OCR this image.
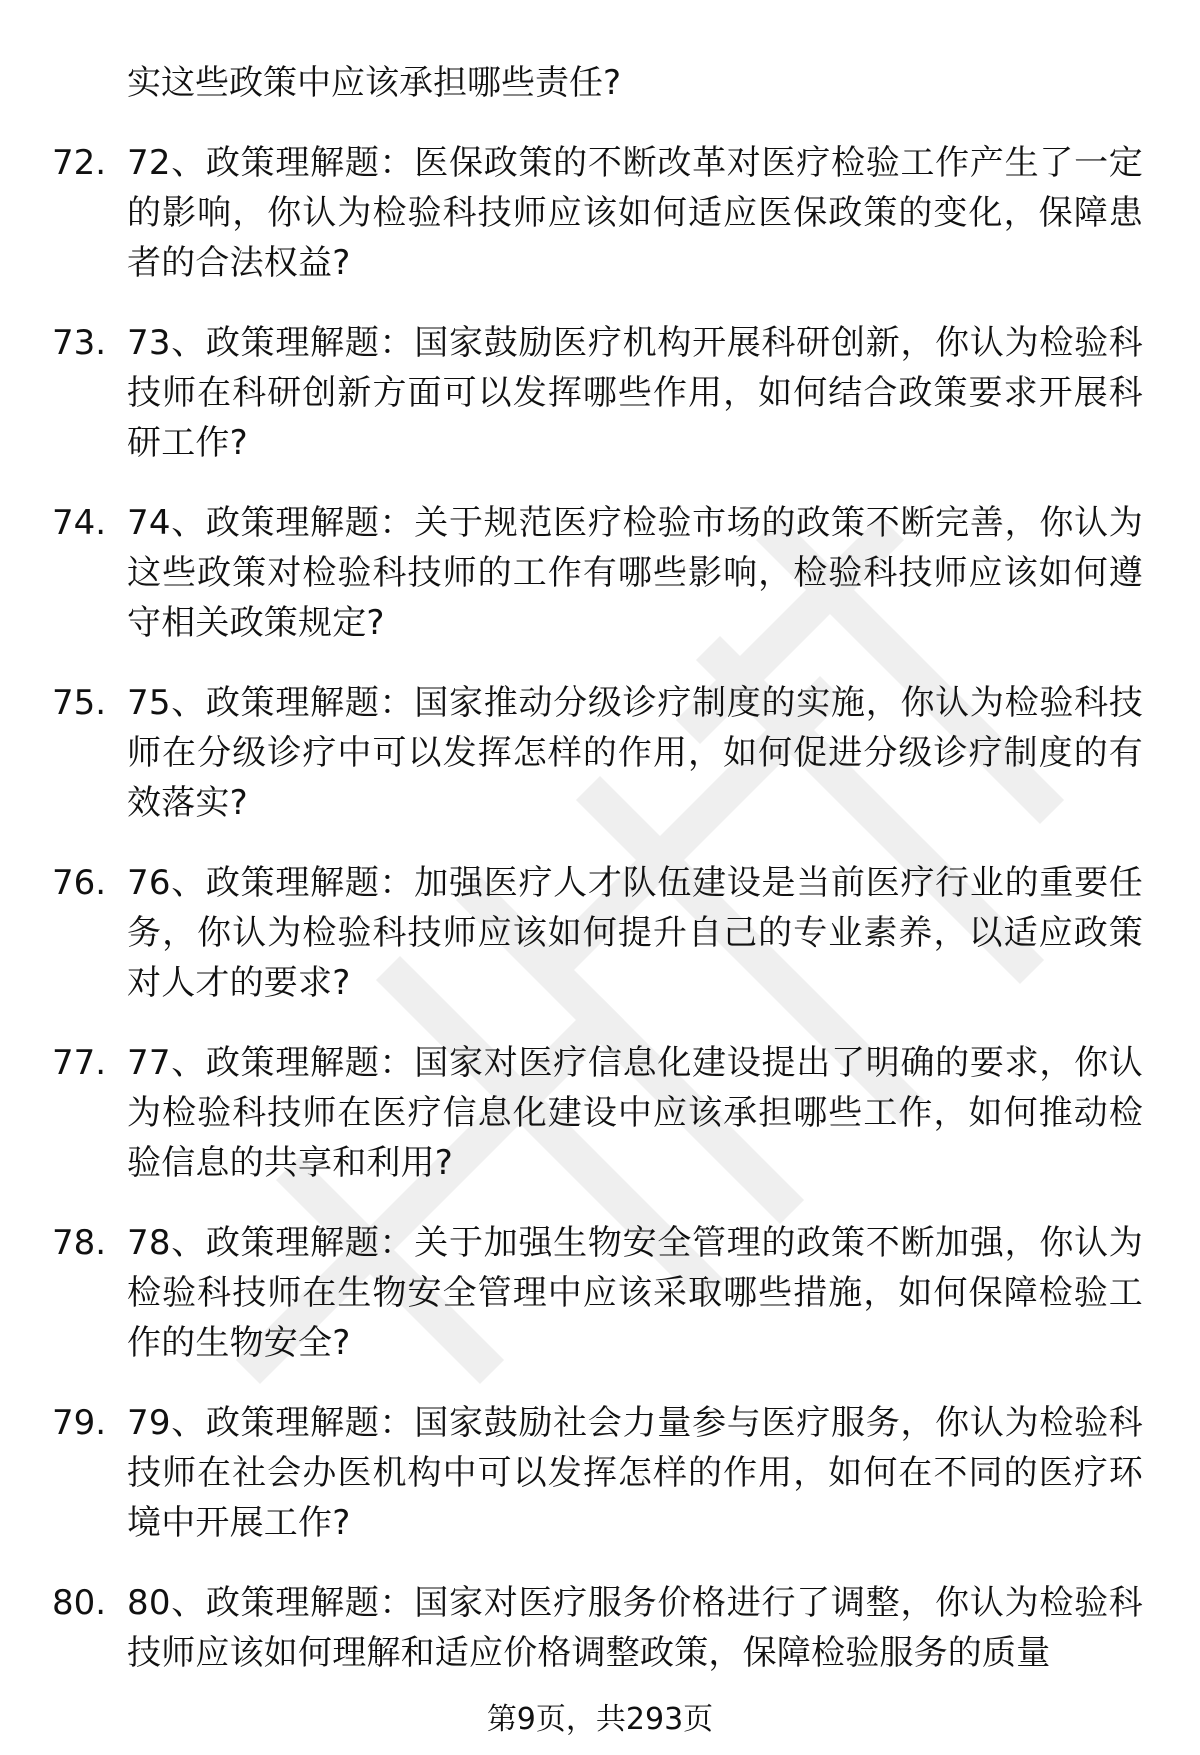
实这些政策中应该承担哪些责任?
72. 72、政策理解题：医保政策的不断改革对医疗检验工作产生了一定的影响，你认为检验科技师应该如何适应医保政策的变化，保障患者的合法权益?
73. 73、政策理解题：国家鼓励医疗机构开展科研创新，你认为检验科技师在科研创新方面可以发挥哪些作用，如何结合政策要求开展科研工作?
74. 74、政策理解题：关于规范医疗检验市场的政策不断完善，你认为这些政策对检验科技师的工作有哪些影响，检验科技师应该如何遵守相关政策规定?
75. 75、政策理解题：国家推动分级诊疗制度的实施，你认为检验科技师在分级诊疗中可以发挥怎样的作用，如何促进分级诊疗制度的有效落实?
76. 76、政策理解题：加强医疗人才队伍建设是当前医疗行业的重要任务，你认为检验科技师应该如何提升自己的专业素养，以适应政策对人才的要求?
77. 77、政策理解题：国家对医疗信息化建设提出了明确的要求，你认为检验科技师在医疗信息化建设中应该承担哪些工作，如何推动检验信息的共享和利用?
78. 78、政策理解题：关于加强生物安全管理的政策不断加强，你认为检验科技师在生物安全管理中应该采取哪些措施，如何保障检验工作的生物安全?
79. 79、政策理解题：国家鼓励社会力量参与医疗服务，你认为检验科技师在社会办医机构中可以发挥怎样的作用，如何在不同的医疗环境中开展工作?
80. 80、政策理解题：国家对医疗服务价格进行了调整，你认为检验科技师应该如何理解和适应价格调整政策，保障检验服务的质量
第9页，共293页
